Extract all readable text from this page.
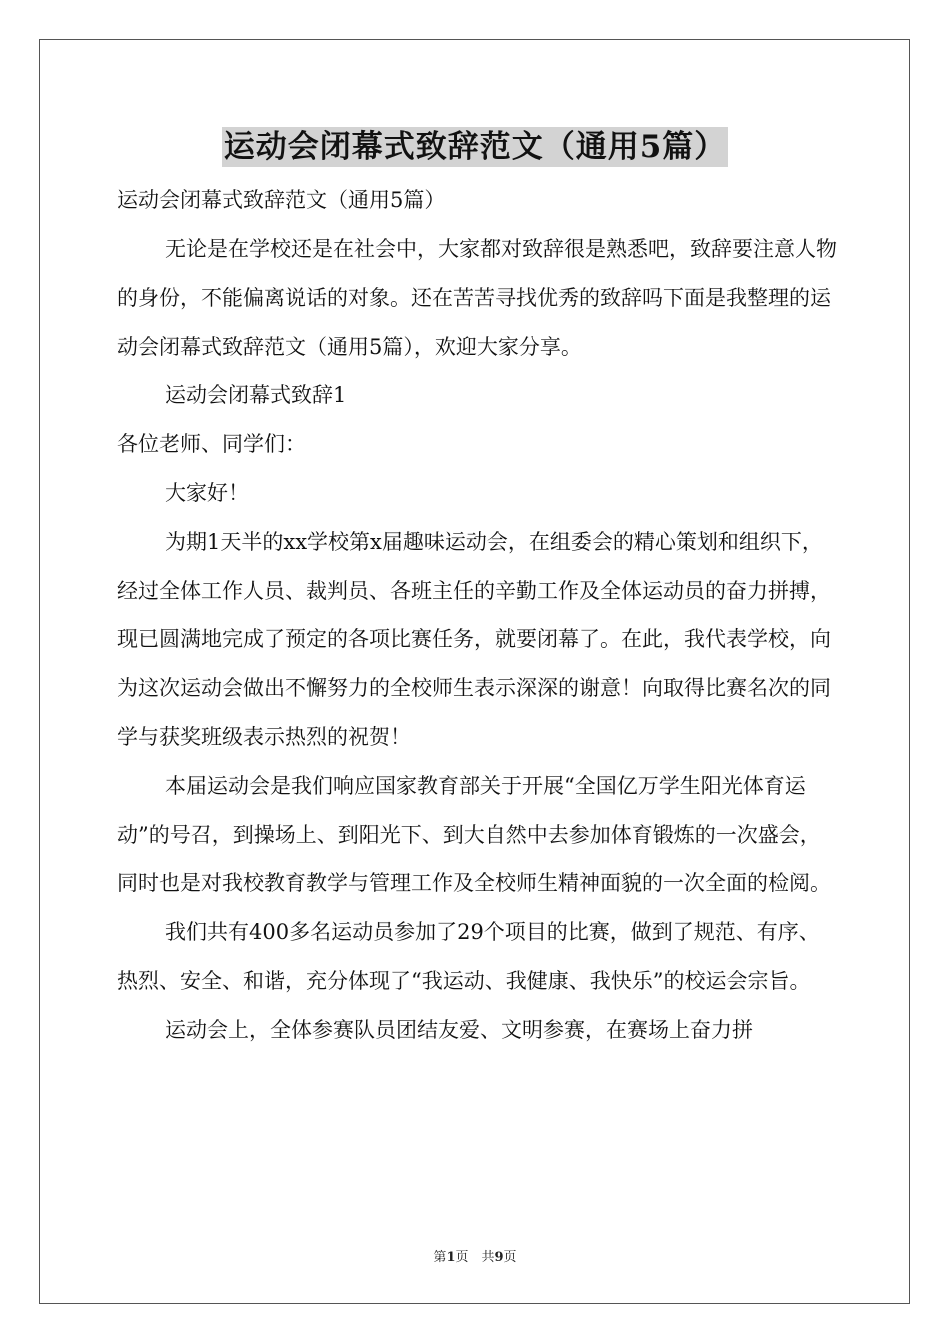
运动会闭幕式致辞范文（通用5篇）

运动会闭幕式致辞范文（通用5篇）

无论是在学校还是在社会中，大家都对致辞很是熟悉吧，致辞要注意人物的身份，不能偏离说话的对象。还在苦苦寻找优秀的致辞吗下面是我整理的运动会闭幕式致辞范文（通用5篇），欢迎大家分享。

运动会闭幕式致辞1

各位老师、同学们：

大家好！

为期1天半的xx学校第x届趣味运动会，在组委会的精心策划和组织下，经过全体工作人员、裁判员、各班主任的辛勤工作及全体运动员的奋力拼搏，现已圆满地完成了预定的各项比赛任务，就要闭幕了。在此，我代表学校，向为这次运动会做出不懈努力的全校师生表示深深的谢意！向取得比赛名次的同学与获奖班级表示热烈的祝贺！

本届运动会是我们响应国家教育部关于开展“全国亿万学生阳光体育运动”的号召，到操场上、到阳光下、到大自然中去参加体育锻炼的一次盛会，同时也是对我校教育教学与管理工作及全校师生精神面貌的一次全面的检阅。

我们共有400多名运动员参加了29个项目的比赛，做到了规范、有序、热烈、安全、和谐，充分体现了“我运动、我健康、我快乐”的校运会宗旨。

运动会上，全体参赛队员团结友爱、文明参赛，在赛场上奋力拼

第1页　共9页
